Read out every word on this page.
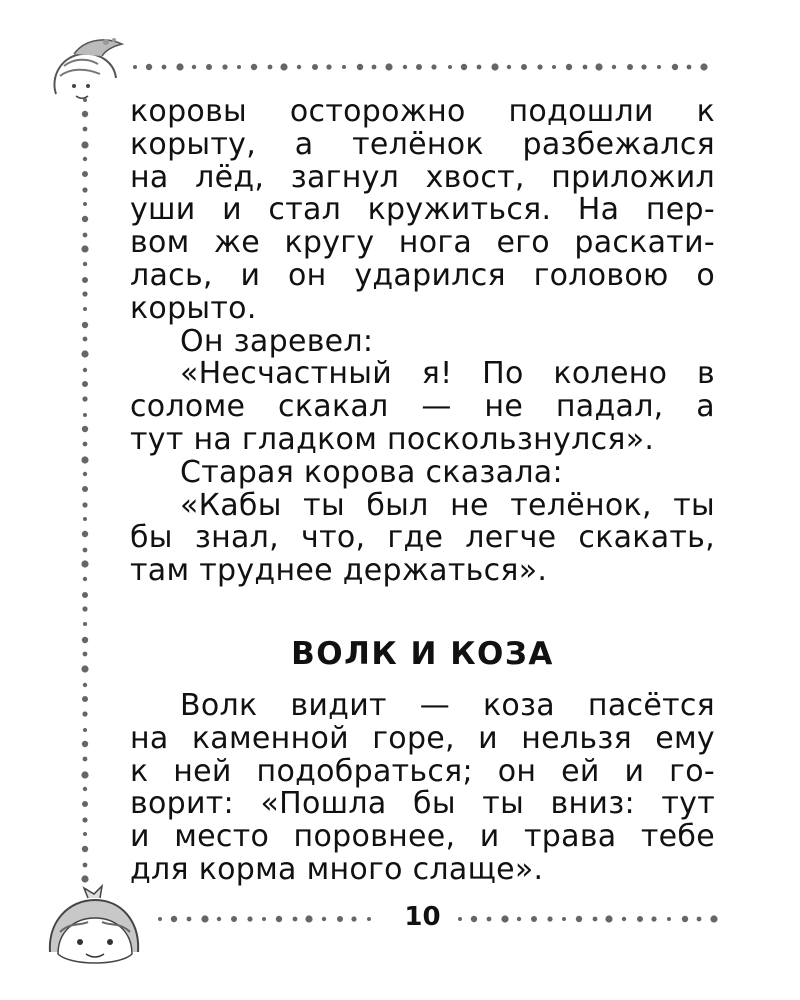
коровы осторожно подошли к
корыту, а телёнок разбежался
на лёд, загнул хвост, приложил
уши и стал кружиться. На пер-
вом же кругу нога его раскати-
лась, и он ударился головою о
корыто.
Он заревел:
«Несчастный я! По колено в
соломе скакал — не падал, а
тут на гладком поскользнулся».
Старая корова сказала:
«Кабы ты был не телёнок, ты
бы знал, что, где легче скакать,
там труднее держаться».
ВОЛК И КОЗА
Волк видит — коза пасётся
на каменной горе, и нельзя ему
к ней подобраться; он ей и го-
ворит: «Пошла бы ты вниз: тут
и место поровнее, и трава тебе
для корма много слаще».
10
